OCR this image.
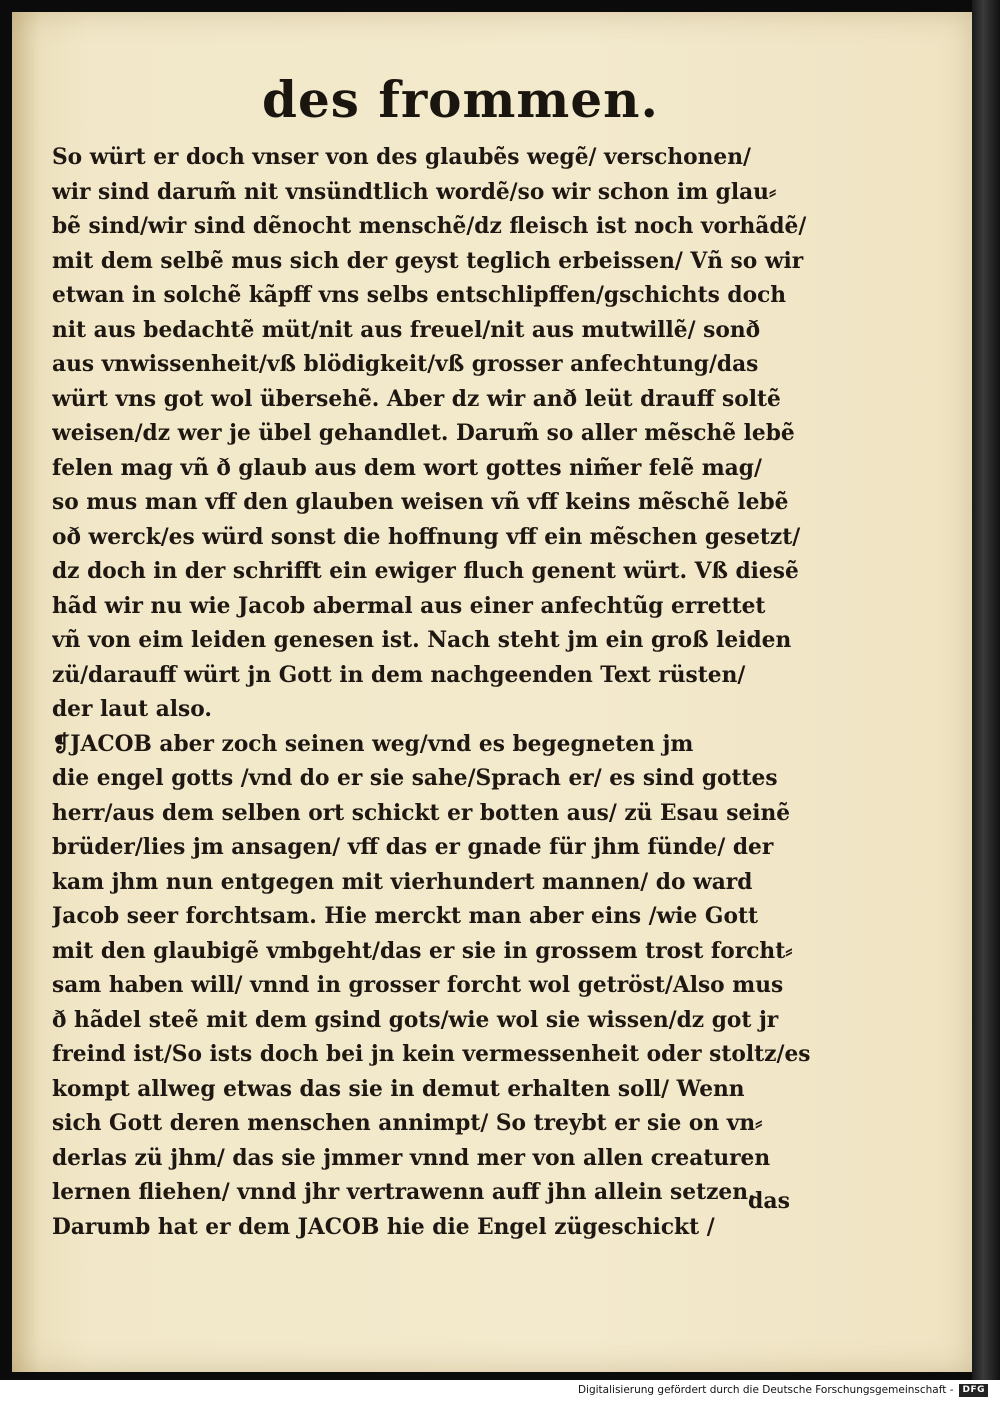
des frommen.
So würt er doch vnser von des glaubẽs wegẽ/ verschonen/
wir sind darum̃ nit vnsündtlich wordẽ/so wir schon im glau⸗
bẽ sind/wir sind dẽnocht menschẽ/dz fleisch ist noch vorhãdẽ/
mit dem selbẽ mus sich der geyst teglich erbeissen/ Vñ so wir
etwan in solchẽ kãpff vns selbs entschlipffen/gschichts doch
nit aus bedachtẽ müt/nit aus freuel/nit aus mutwillẽ/ sonð
aus vnwissenheit/vß blödigkeit/vß grosser anfechtung/das
würt vns got wol übersehẽ. Aber dz wir anð leüt drauff soltẽ
weisen/dz wer je übel gehandlet. Darum̃ so aller mẽschẽ lebẽ
felen mag vñ ð glaub aus dem wort gottes nim̃er felẽ mag/
so mus man vff den glauben weisen vñ vff keins mẽschẽ lebẽ
oð werck/es würd sonst die hoffnung vff ein mẽschen gesetzt/
dz doch in der schrifft ein ewiger fluch genent würt. Vß diesẽ
hãd wir nu wie Jacob abermal aus einer anfechtũg errettet
vñ von eim leiden genesen ist. Nach steht jm ein groß leiden
zü/darauff würt jn Gott in dem nachgeenden Text rüsten/
der laut also.
❡JACOB aber zoch seinen weg/vnd es begegneten jm
die engel gotts /vnd do er sie sahe/Sprach er/ es sind gottes
herr/aus dem selben ort schickt er botten aus/ zü Esau seinẽ
brüder/lies jm ansagen/ vff das er gnade für jhm fünde/ der
kam jhm nun entgegen mit vierhundert mannen/ do ward
Jacob seer forchtsam. Hie merckt man aber eins /wie Gott
mit den glaubigẽ vmbgeht/das er sie in grossem trost forcht⸗
sam haben will/ vnnd in grosser forcht wol getröst/Also mus
ð hãdel steẽ mit dem gsind gots/wie wol sie wissen/dz got jr
freind ist/So ists doch bei jn kein vermessenheit oder stoltz/es
kompt allweg etwas das sie in demut erhalten soll/ Wenn
sich Gott deren menschen annimpt/ So treybt er sie on vn⸗
derlas zü jhm/ das sie jmmer vnnd mer von allen creaturen
lernen fliehen/ vnnd jhr vertrawenn auff jhn allein setzen.
Darumb hat er dem JACOB hie die Engel zügeschickt /
das
Digitalisierung gefördert durch die Deutsche Forschungsgemeinschaft - DFG
